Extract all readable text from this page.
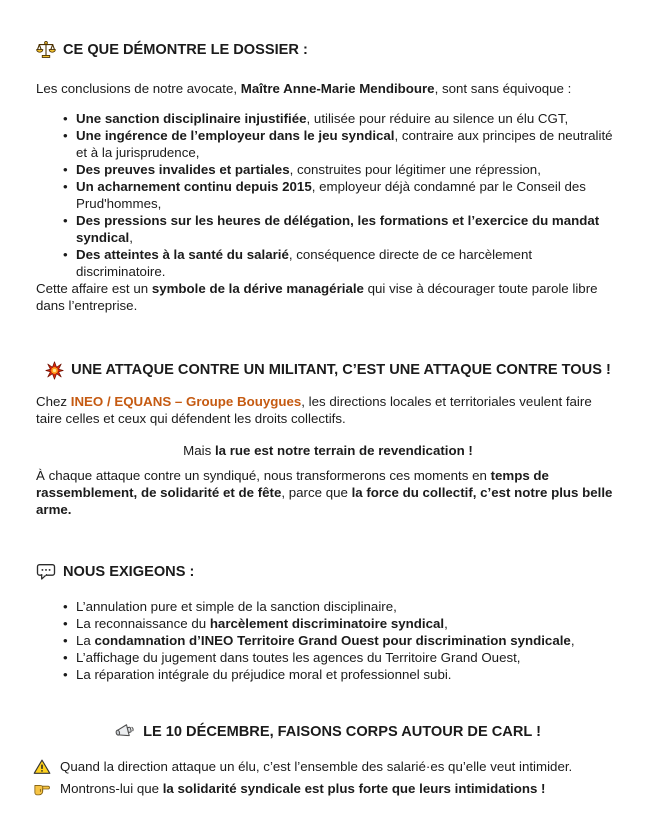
CE QUE DÉMONTRE LE DOSSIER :

Les conclusions de notre avocate, Maître Anne-Marie Mendiboure, sont sans équivoque :

• Une sanction disciplinaire injustifiée, utilisée pour réduire au silence un élu CGT,
• Une ingérence de l’employeur dans le jeu syndical, contraire aux principes de neutralité et à la jurisprudence,
• Des preuves invalides et partiales, construites pour légitimer une répression,
• Un acharnement continu depuis 2015, employeur déjà condamné par le Conseil des Prud'hommes,
• Des pressions sur les heures de délégation, les formations et l’exercice du mandat syndical,
• Des atteintes à la santé du salarié, conséquence directe de ce harcèlement discriminatoire.

Cette affaire est un symbole de la dérive managériale qui vise à décourager toute parole libre dans l’entreprise.

UNE ATTAQUE CONTRE UN MILITANT, C’EST UNE ATTAQUE CONTRE TOUS !

Chez INEO / EQUANS – Groupe Bouygues, les directions locales et territoriales veulent faire taire celles et ceux qui défendent les droits collectifs.

Mais la rue est notre terrain de revendication !

À chaque attaque contre un syndiqué, nous transformerons ces moments en temps de rassemblement, de solidarité et de fête, parce que la force du collectif, c’est notre plus belle arme.

NOUS EXIGEONS :
• L’annulation pure et simple de la sanction disciplinaire,
• La reconnaissance du harcèlement discriminatoire syndical,
• La condamnation d’INEO Territoire Grand Ouest pour discrimination syndicale,
• L’affichage du jugement dans toutes les agences du Territoire Grand Ouest,
• La réparation intégrale du préjudice moral et professionnel subi.
LE 10 DÉCEMBRE, FAISONS CORPS AUTOUR DE CARL !

Quand la direction attaque un élu, c’est l’ensemble des salarié·es qu’elle veut intimider.

Montrons-lui que la solidarité syndicale est plus forte que leurs intimidations !
